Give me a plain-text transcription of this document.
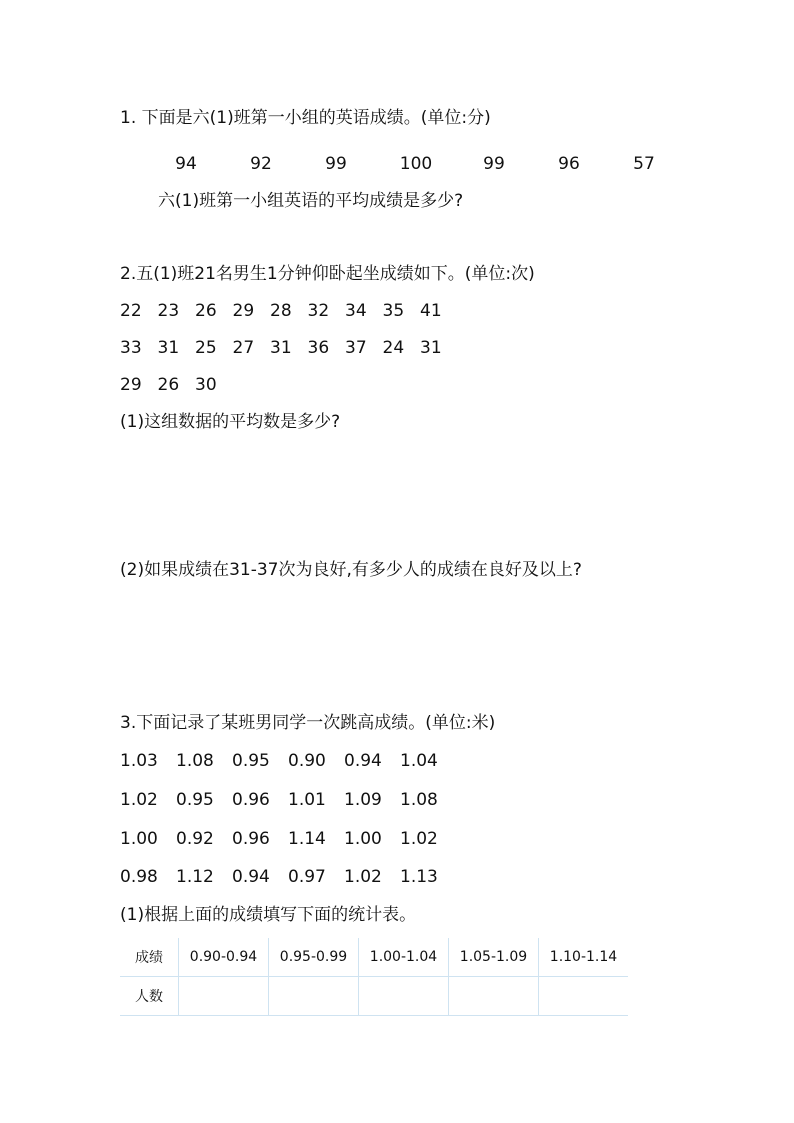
1. 下面是六(1)班第一小组的英语成绩。(单位:分)
94	92	99	100	99	96	57
六(1)班第一小组英语的平均成绩是多少?
2.五(1)班21名男生1分钟仰卧起坐成绩如下。(单位:次)
22 23 26 29 28 32 34 35 41
33 31 25 27 31 36 37 24 31
29 26 30
(1)这组数据的平均数是多少?
(2)如果成绩在31-37次为良好,有多少人的成绩在良好及以上?
3.下面记录了某班男同学一次跳高成绩。(单位:米)
1.03	1.08	0.95	0.90	0.94	1.04
1.02	0.95	0.96	1.01	1.09	1.08
1.00	0.92	0.96	1.14	1.00	1.02
0.98	1.12	0.94	0.97	1.02	1.13
(1)根据上面的成绩填写下面的统计表。
成绩	0.90-0.94	0.95-0.99	1.00-1.04	1.05-1.09	1.10-1.14
人数					
